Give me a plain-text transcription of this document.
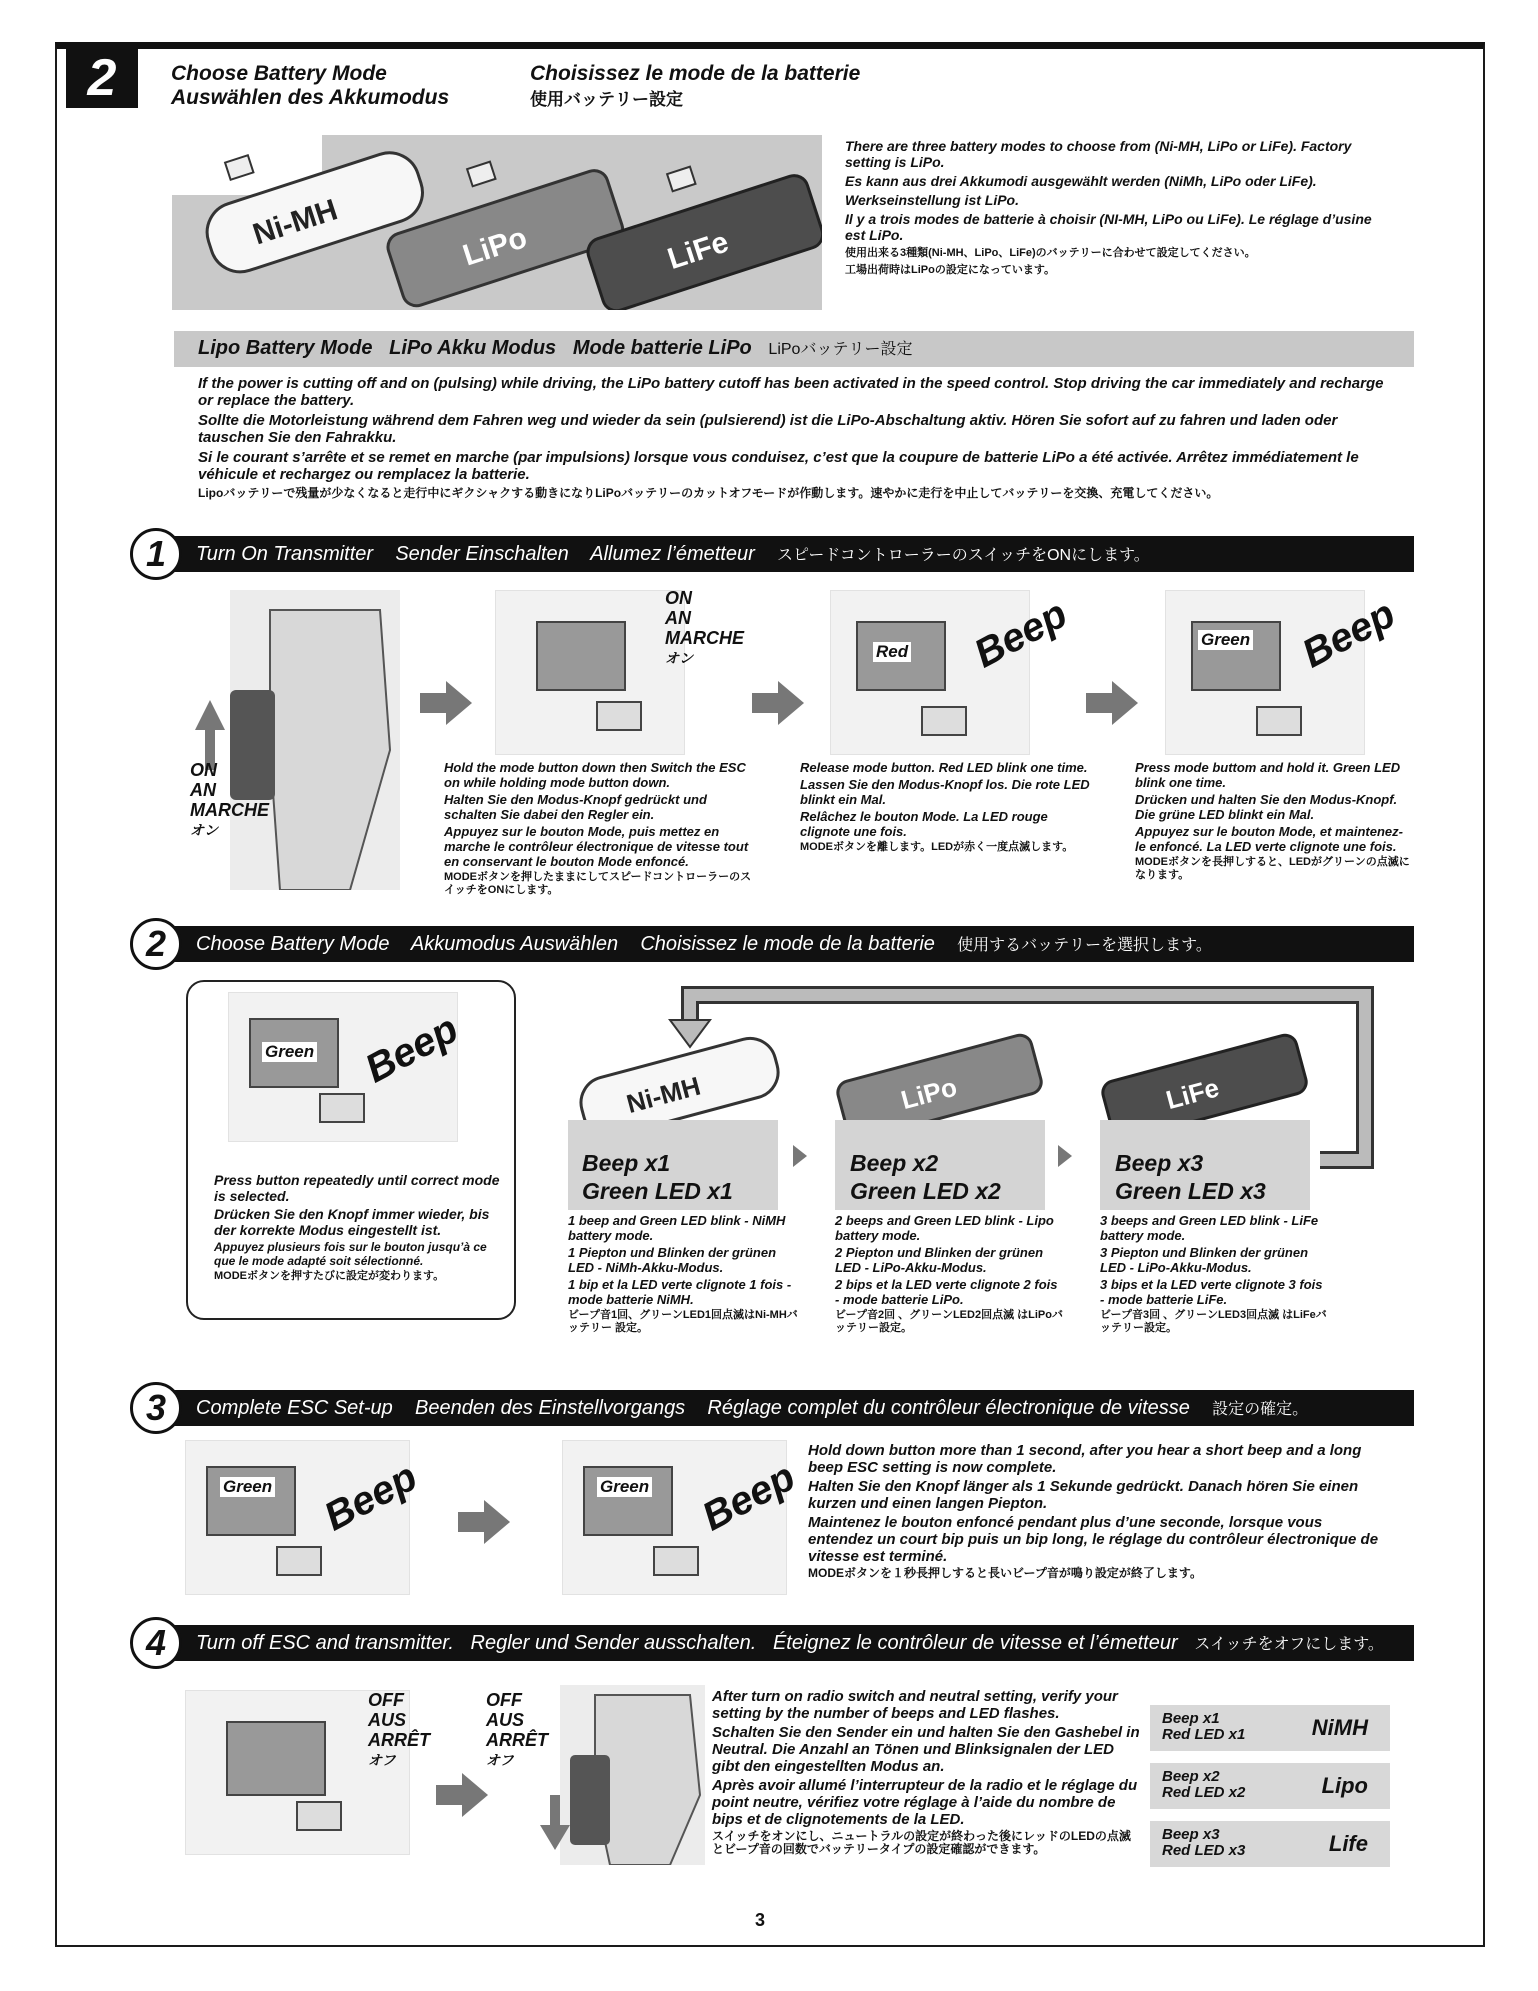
2	Choose Battery Mode
Auswählen des Akkumodus
Choisissez le mode de la batterie
使用バッテリー設定
Ni-MH	LiPo	LiFe

There are three battery modes to choose from (Ni-MH, LiPo or LiFe). Factory setting is LiPo.

Es kann aus drei Akkumodi ausgewählt werden (NiMh, LiPo oder LiFe).

Werkseinstellung ist LiPo.

Il y a trois modes de batterie à choisir (NI-MH, LiPo ou LiFe). Le réglage d’usine est LiPo.

使用出来る3種類(Ni-MH、LiPo、LiFe)のバッテリーに合わせて設定してください。

工場出荷時はLiPoの設定になっています。

Lipo Battery Mode LiPo Akku Modus Mode batterie LiPo LiPoバッテリー設定

If the power is cutting off and on (pulsing) while driving, the LiPo battery cutoff has been activated in the speed control. Stop driving the car immediately and recharge or replace the battery.

Sollte die Motorleistung während dem Fahren weg und wieder da sein (pulsierend) ist die LiPo-Abschaltung aktiv. Hören Sie sofort auf zu fahren und laden oder tauschen Sie den Fahrakku.

Si le courant s’arrête et se remet en marche (par impulsions) lorsque vous conduisez, c’est que la coupure de batterie LiPo a été activée. Arrêtez immédiatement le véhicule et rechargez ou remplacez la batterie.

Lipoバッテリーで残量が少なくなると走行中にギクシャクする動きになりLiPoバッテリーのカットオフモードが作動します。速やかに走行を中止してバッテリーを交換、充電してください。

Turn On Transmitter Sender Einschalten Allumez l’émetteur スピードコントローラーのスイッチをONにします。
1
ON
AN
MARCHE
オン
ON
AN
MARCHE
オン	Red Beep	Green Beep

Hold the mode button down then Switch the ESC on while holding mode button down.

Halten Sie den Modus-Knopf gedrückt und schalten Sie dabei den Regler ein.

Appuyez sur le bouton Mode, puis mettez en marche le contrôleur électronique de vitesse tout en conservant le bouton Mode enfoncé.

MODEボタンを押したままにしてスピードコントローラーのスイッチをONにします。

Release mode button. Red LED blink one time.

Lassen Sie den Modus-Knopf los. Die rote LED blinkt ein Mal.

Relâchez le bouton Mode. La LED rouge clignote une fois.

MODEボタンを離します。LEDが赤く一度点滅します。

Press mode buttom and hold it. Green LED blink one time.

Drücken und halten Sie den Modus-Knopf. Die grüne LED blinkt ein Mal.

Appuyez sur le bouton Mode, et maintenez-le enfoncé. La LED verte clignote une fois.

MODEボタンを長押しすると、LEDがグリーンの点滅になります。

Choose Battery Mode Akkumodus Auswählen Choisissez le mode de la batterie 使用するバッテリーを選択します。
2
Green Beep

Press button repeatedly until correct mode is selected.

Drücken Sie den Knopf immer wieder, bis der korrekte Modus eingestellt ist.

Appuyez plusieurs fois sur le bouton jusqu’à ce que le mode adapté soit sélectionné.

MODEボタンを押すたびに設定が変わります。

Ni-MH
Beep x1
Green LED x1
LiPo
Beep x2
Green LED x2
LiFe
Beep x3
Green LED x3

1 beep and Green LED blink - NiMH battery mode.

1 Piepton und Blinken der grünen LED - NiMh-Akku-Modus.

1 bip et la LED verte clignote 1 fois - mode batterie NiMH.

ビープ音1回、グリーンLED1回点滅はNi-MHバッテリー 設定。

2 beeps and Green LED blink - Lipo battery mode.

2 Piepton und Blinken der grünen LED - LiPo-Akku-Modus.

2 bips et la LED verte clignote 2 fois - mode batterie LiPo.

ビープ音2回 、グリーンLED2回点滅 はLiPoバッテリー設定。

3 beeps and Green LED blink - LiFe battery mode.

3 Piepton und Blinken der grünen LED - LiPo-Akku-Modus.

3 bips et la LED verte clignote 3 fois - mode batterie LiFe.

ビープ音3回 、グリーンLED3回点滅 はLiFeバッテリー設定。

Complete ESC Set-up Beenden des Einstellvorgangs Réglage complet du contrôleur électronique de vitesse 設定の確定。
3
Green Beep	Green Beep

Hold down button more than 1 second, after you hear a short beep and a long beep ESC setting is now complete.

Halten Sie den Knopf länger als 1 Sekunde gedrückt. Danach hören Sie einen kurzen und einen langen Piepton.

Maintenez le bouton enfoncé pendant plus d’une seconde, lorsque vous entendez un court bip puis un bip long, le réglage du contrôleur électronique de vitesse est terminé.

MODEボタンを１秒長押しすると長いビープ音が鳴り設定が終了します。

Turn off ESC and transmitter. Regler und Sender ausschalten. Éteignez le contrôleur de vitesse et l’émetteur スイッチをオフにします。
4
OFF
AUS
ARRÊT
オフ
OFF
AUS
ARRÊT
オフ

After turn on radio switch and neutral setting, verify your setting by the number of beeps and LED flashes.

Schalten Sie den Sender ein und halten Sie den Gashebel in Neutral. Die Anzahl an Tönen und Blinksignalen der LED gibt den eingestellten Modus an.

Après avoir allumé l’interrupteur de la radio et le réglage du point neutre, vérifiez votre réglage à l’aide du nombre de bips et de clignotements de la LED.

スイッチをオンにし、ニュートラルの設定が終わった後にレッドのLEDの点滅とビープ音の回数でバッテリータイプの設定確認ができます。

Beep x1
Red LED x1	NiMH
Beep x2
Red LED x2	Lipo
Beep x3
Red LED x3	Life
3
